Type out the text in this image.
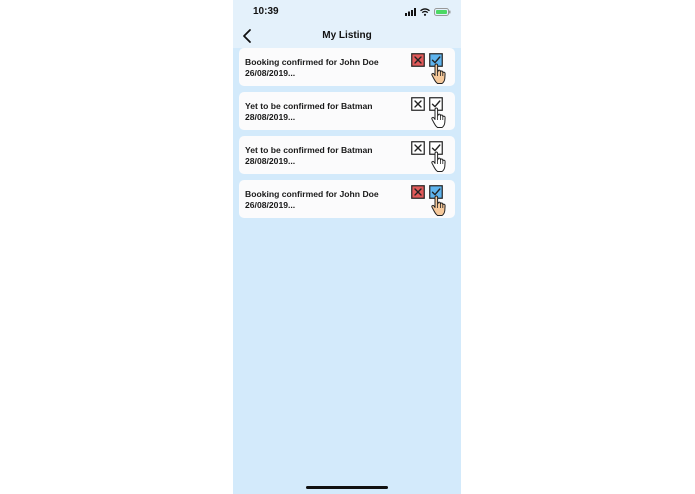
10:39
My Listing
Booking confirmed for John Doe
26/08/2019...
Yet to be confirmed for Batman
28/08/2019...
Yet to be confirmed for Batman
28/08/2019...
Booking confirmed for John Doe
26/08/2019...
